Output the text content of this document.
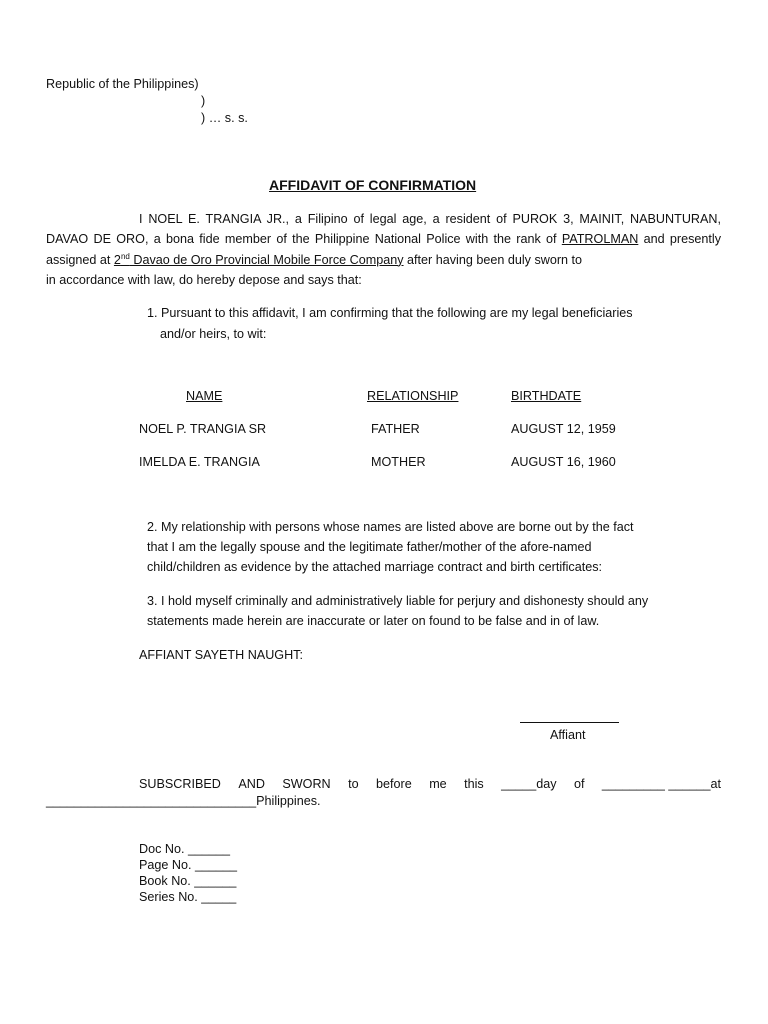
Republic of the Philippines)
)
) … s. s.
AFFIDAVIT OF CONFIRMATION
I NOEL E. TRANGIA JR., a Filipino of legal age, a resident of PUROK 3, MAINIT, NABUNTURAN, DAVAO DE ORO, a bona fide member of the Philippine National Police with the rank of PATROLMAN and presently assigned at 2nd Davao de Oro Provincial Mobile Force Company after having been duly sworn to
in accordance with law, do hereby depose and says that:
1. Pursuant to this affidavit, I am confirming that the following are my legal beneficiaries
and/or heirs, to wit:
NAME	RELATIONSHIP	BIRTHDATE
NOEL P. TRANGIA SR	FATHER	AUGUST 12, 1959
IMELDA E. TRANGIA	MOTHER	AUGUST 16, 1960
2. My relationship with persons whose names are listed above are borne out by the fact
that I am the legally spouse and the legitimate father/mother of the afore-named
child/children as evidence by the attached marriage contract and birth certificates:
3. I hold myself criminally and administratively liable for perjury and dishonesty should any
statements made herein are inaccurate or later on found to be false and in of law.
AFFIANT SAYETH NAUGHT:
Affiant
SUBSCRIBED AND SWORN to before me this _____day of _________ ______at
______________________________Philippines.
Doc No. ______
Page No. ______
Book No. ______
Series No. _____
